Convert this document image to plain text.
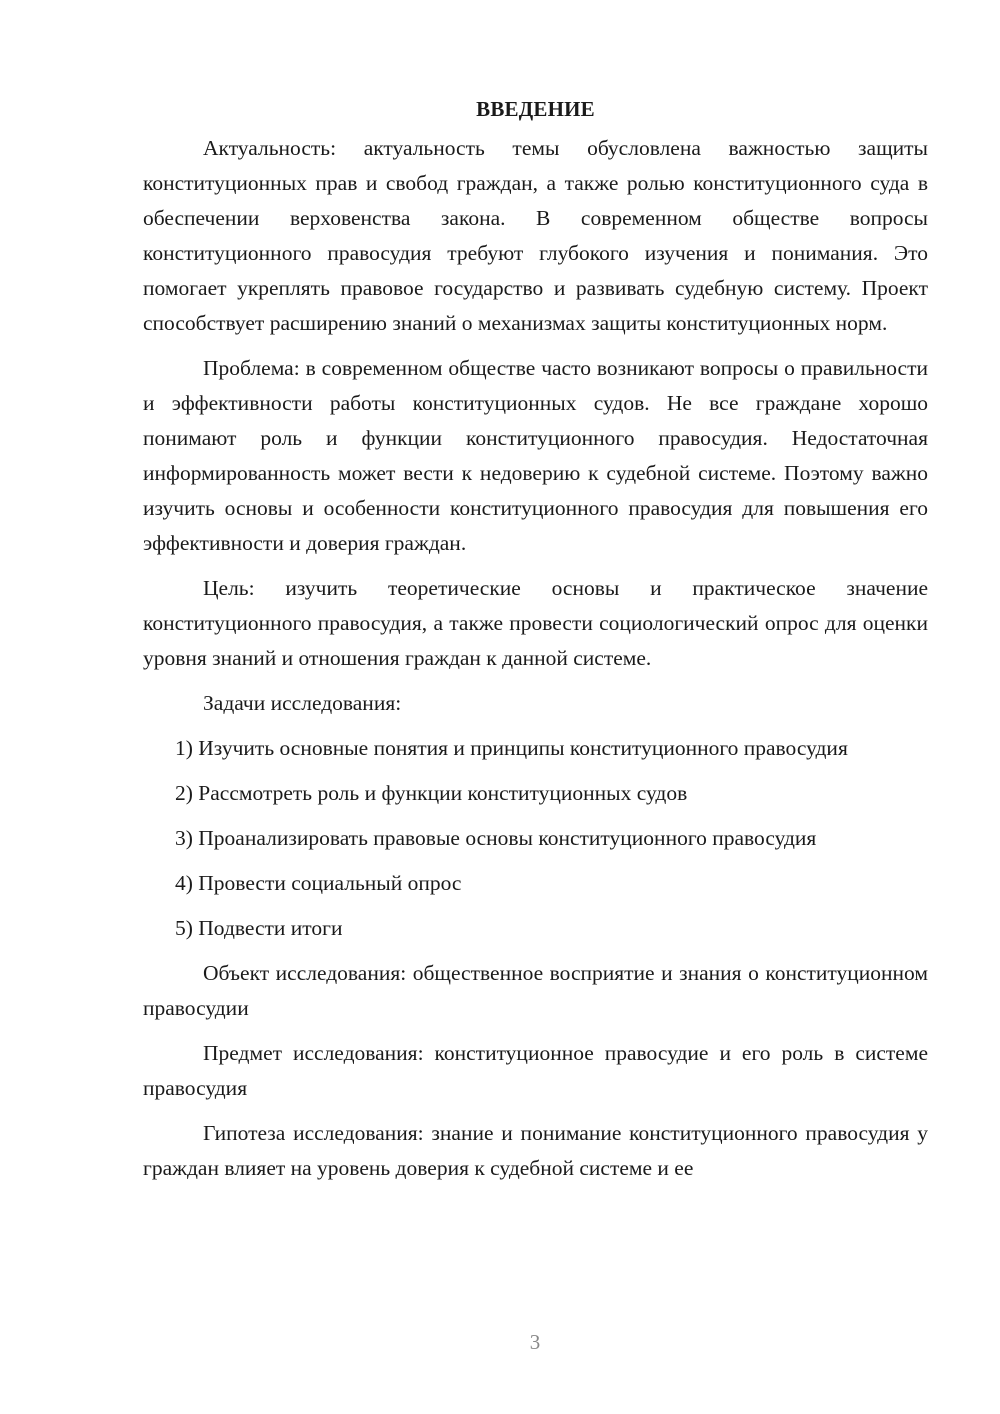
ВВЕДЕНИЕ

Актуальность: актуальность темы обусловлена важностью защиты конституционных прав и свобод граждан, а также ролью конституционного суда в обеспечении верховенства закона. В современном обществе вопросы конституционного правосудия требуют глубокого изучения и понимания. Это помогает укреплять правовое государство и развивать судебную систему. Проект способствует расширению знаний о механизмах защиты конституционных норм.

Проблема: в современном обществе часто возникают вопросы о правильности и эффективности работы конституционных судов. Не все граждане хорошо понимают роль и функции конституционного правосудия. Недостаточная информированность может вести к недоверию к судебной системе. Поэтому важно изучить основы и особенности конституционного правосудия для повышения его эффективности и доверия граждан.

Цель: изучить теоретические основы и практическое значение конституционного правосудия, а также провести социологический опрос для оценки уровня знаний и отношения граждан к данной системе.

Задачи исследования:

1) Изучить основные понятия и принципы конституционного правосудия

2) Рассмотреть роль и функции конституционных судов

3) Проанализировать правовые основы конституционного правосудия

4) Провести социальный опрос

5) Подвести итоги

Объект исследования: общественное восприятие и знания о конституционном правосудии

Предмет исследования: конституционное правосудие и его роль в системе правосудия

Гипотеза исследования: знание и понимание конституционного правосудия у граждан влияет на уровень доверия к судебной системе и ее

3
